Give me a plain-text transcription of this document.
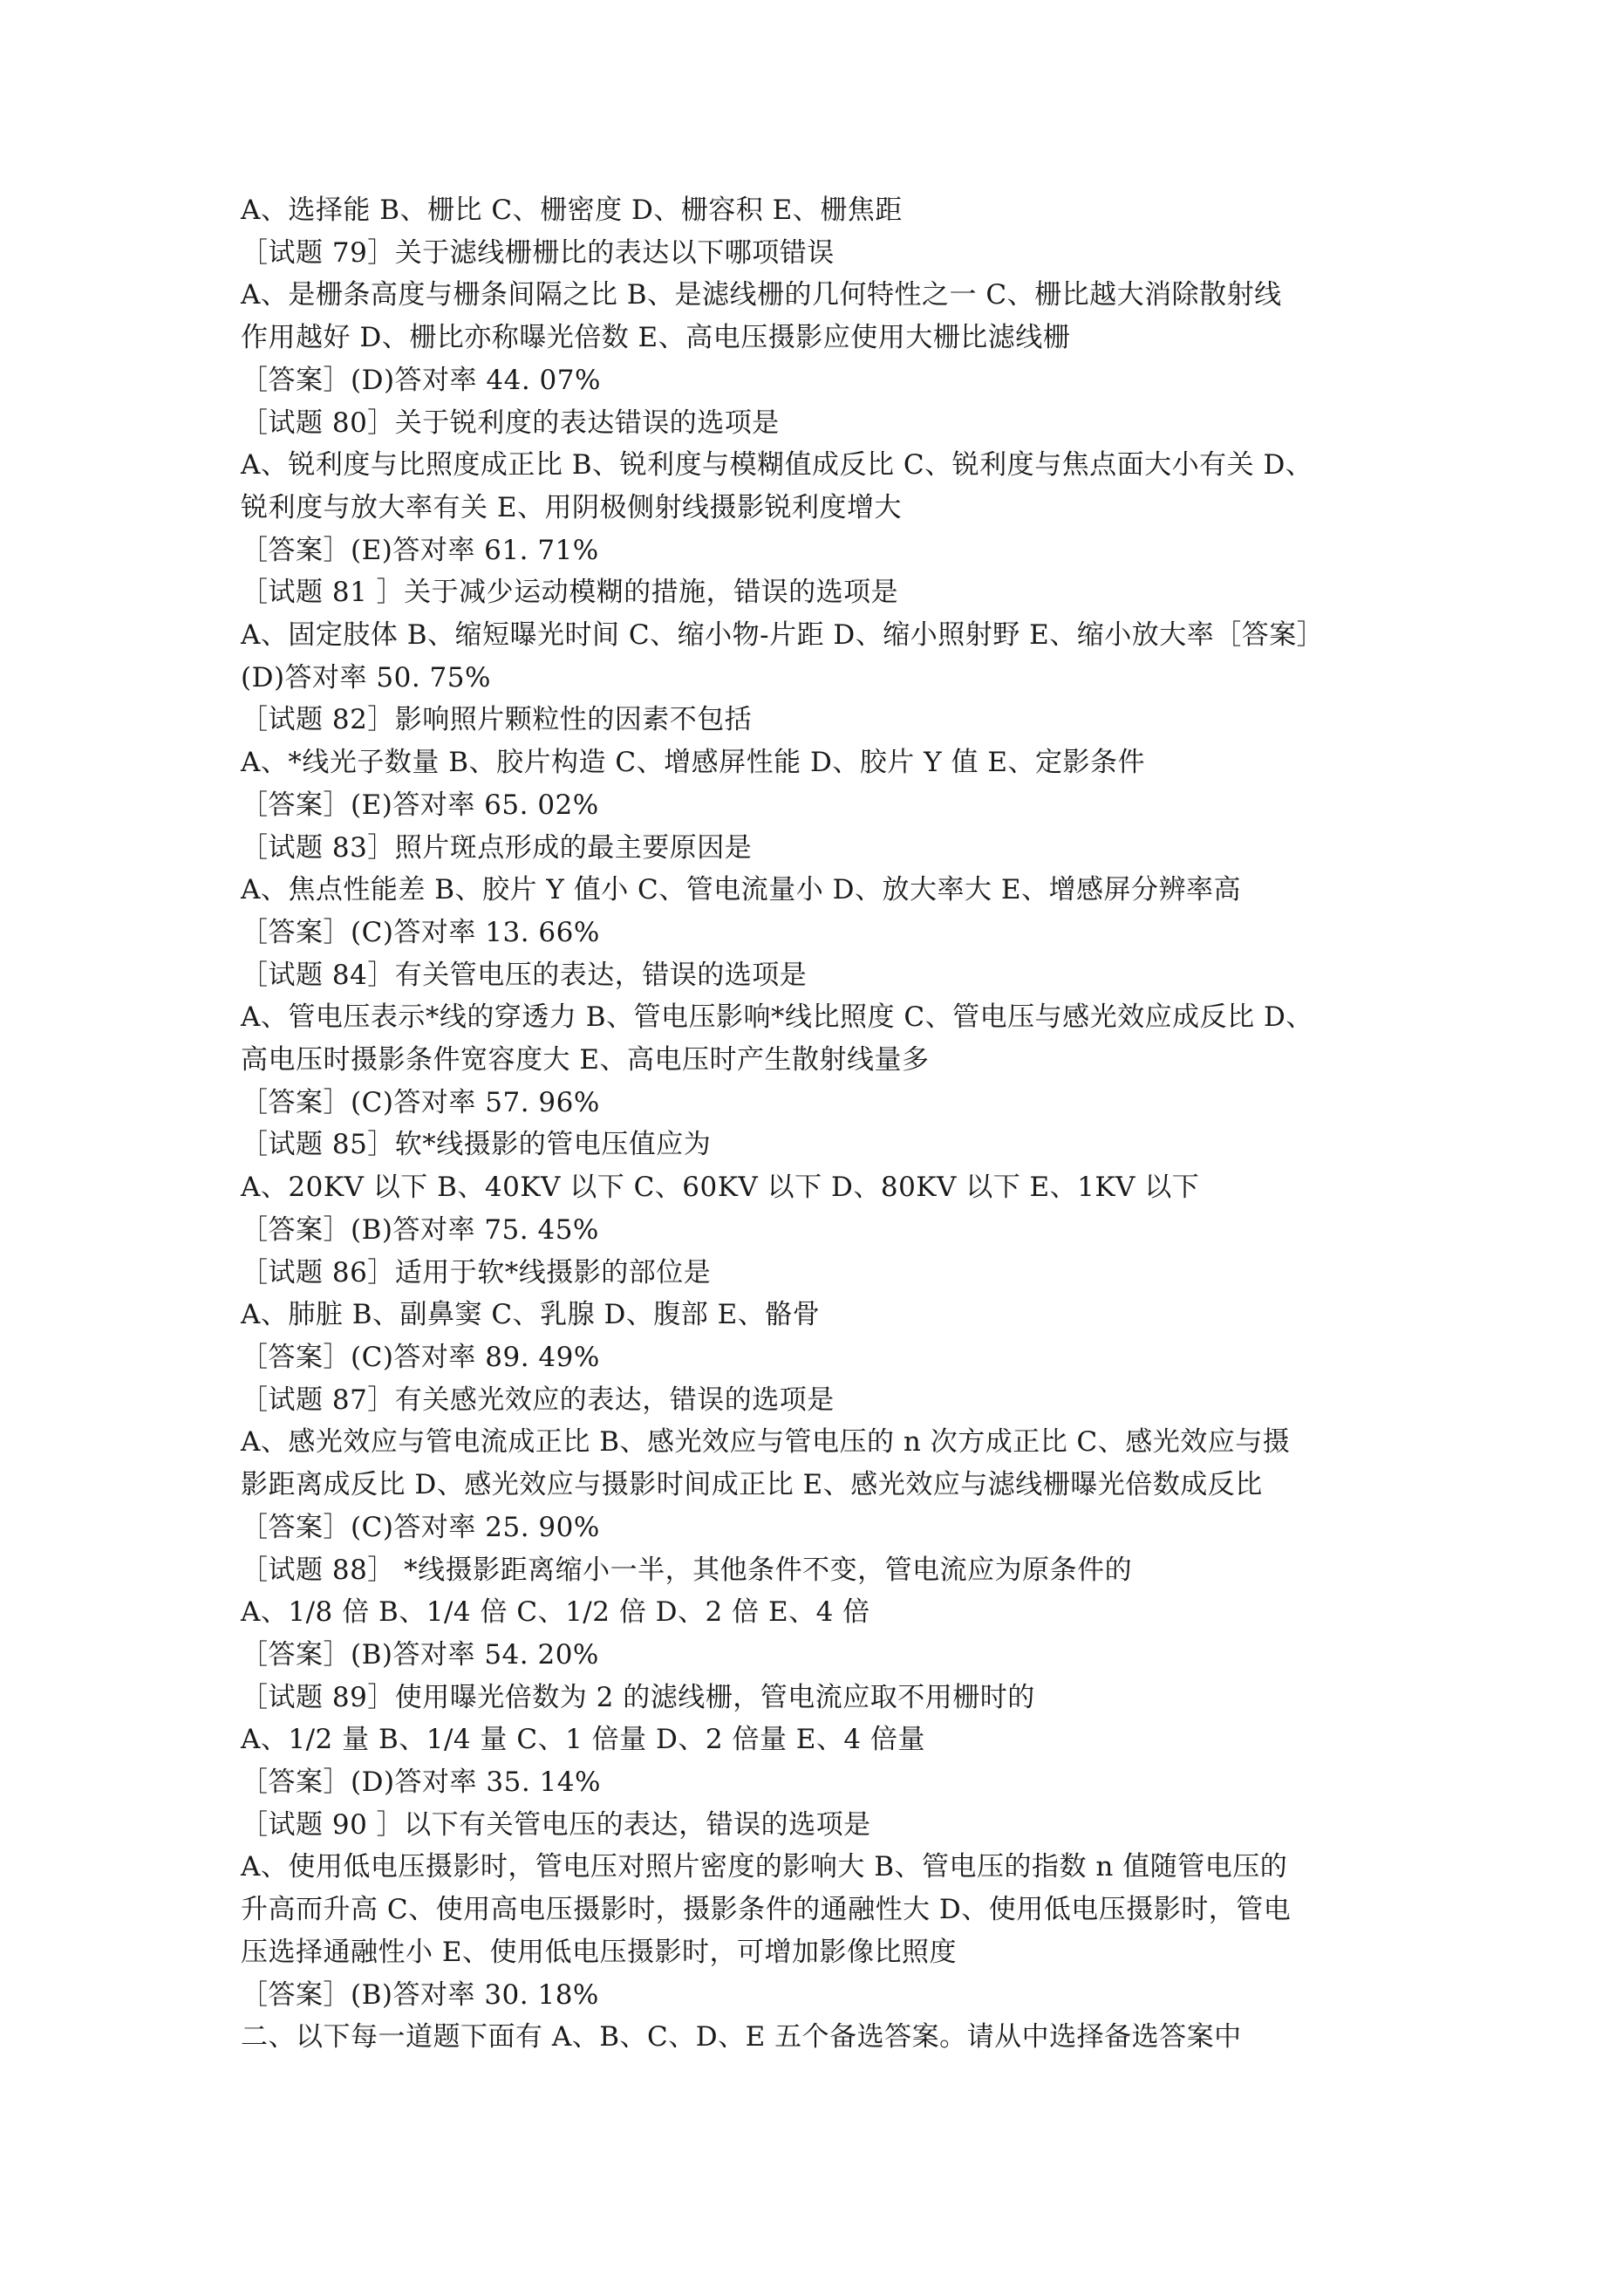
A、选择能 B、栅比 C、栅密度 D、栅容积 E、栅焦距
［试题 79］关于滤线栅栅比的表达以下哪项错误
A、是栅条高度与栅条间隔之比 B、是滤线栅的几何特性之一 C、栅比越大消除散射线
作用越好 D、栅比亦称曝光倍数 E、高电压摄影应使用大栅比滤线栅
［答案］(D)答对率 44. 07%
［试题 80］关于锐利度的表达错误的选项是
A、锐利度与比照度成正比 B、锐利度与模糊值成反比 C、锐利度与焦点面大小有关 D、
锐利度与放大率有关 E、用阴极侧射线摄影锐利度增大
［答案］(E)答对率 61. 71%
［试题 81 ］关于减少运动模糊的措施，错误的选项是
A、固定肢体 B、缩短曝光时间 C、缩小物-片距 D、缩小照射野 E、缩小放大率［答案］
(D)答对率 50. 75%
［试题 82］影响照片颗粒性的因素不包括
A、*线光子数量 B、胶片构造 C、增感屏性能 D、胶片 Y 值 E、定影条件
［答案］(E)答对率 65. 02%
［试题 83］照片斑点形成的最主要原因是
A、焦点性能差 B、胶片 Y 值小 C、管电流量小 D、放大率大 E、增感屏分辨率高
［答案］(C)答对率 13. 66%
［试题 84］有关管电压的表达，错误的选项是
A、管电压表示*线的穿透力 B、管电压影响*线比照度 C、管电压与感光效应成反比 D、
高电压时摄影条件宽容度大 E、高电压时产生散射线量多
［答案］(C)答对率 57. 96%
［试题 85］软*线摄影的管电压值应为
A、20KV 以下 B、40KV 以下 C、60KV 以下 D、80KV 以下 E、1KV 以下
［答案］(B)答对率 75. 45%
［试题 86］适用于软*线摄影的部位是
A、肺脏 B、副鼻窦 C、乳腺 D、腹部 E、骼骨
［答案］(C)答对率 89. 49%
［试题 87］有关感光效应的表达，错误的选项是
A、感光效应与管电流成正比 B、感光效应与管电压的 n 次方成正比 C、感光效应与摄
影距离成反比 D、感光效应与摄影时间成正比 E、感光效应与滤线栅曝光倍数成反比
［答案］(C)答对率 25. 90%
［试题 88］ *线摄影距离缩小一半，其他条件不变，管电流应为原条件的
A、1/8 倍 B、1/4 倍 C、1/2 倍 D、2 倍 E、4 倍
［答案］(B)答对率 54. 20%
［试题 89］使用曝光倍数为 2 的滤线栅，管电流应取不用栅时的
A、1/2 量 B、1/4 量 C、1 倍量 D、2 倍量 E、4 倍量
［答案］(D)答对率 35. 14%
［试题 90 ］以下有关管电压的表达，错误的选项是
A、使用低电压摄影时，管电压对照片密度的影响大 B、管电压的指数 n 值随管电压的
升高而升高 C、使用高电压摄影时，摄影条件的通融性大 D、使用低电压摄影时，管电
压选择通融性小 E、使用低电压摄影时，可增加影像比照度
［答案］(B)答对率 30. 18%
二、以下每一道题下面有 A、B、C、D、E 五个备选答案。请从中选择备选答案中
